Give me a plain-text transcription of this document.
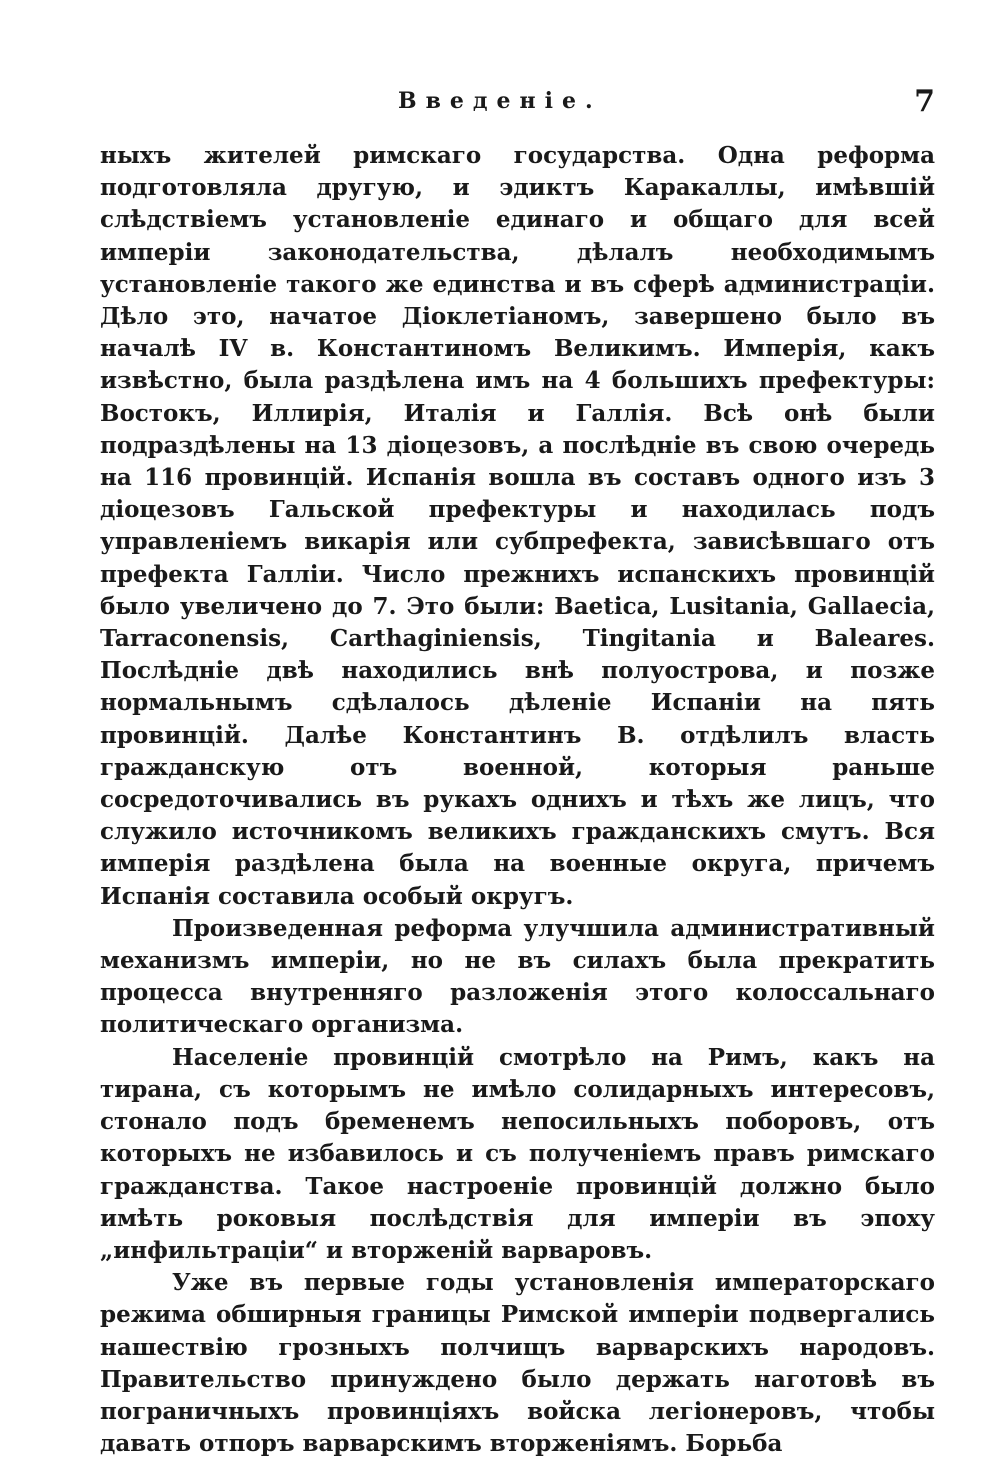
Введеніе.	7

ныхъ жителей римскаго государства. Одна реформа подготовляла другую, и эдиктъ Каракаллы, имѣвшій слѣдствіемъ установленіе единаго и общаго для всей имперіи законодательства, дѣлалъ необходимымъ установленіе такого же единства и въ сферѣ администраціи. Дѣло это, начатое Діоклетіаномъ, завершено было въ началѣ IV в. Константиномъ Великимъ. Имперія, какъ извѣстно, была раздѣлена имъ на 4 большихъ префектуры: Востокъ, Иллирія, Италія и Галлія. Всѣ онѣ были подраздѣлены на 13 діоцезовъ, а послѣдніе въ свою очередь на 116 провинцій. Испанія вошла въ составъ одного изъ 3 діоцезовъ Гальской префектуры и находилась подъ управленіемъ викарія или субпрефекта, зависѣвшаго отъ префекта Галліи. Число прежнихъ испанскихъ провинцій было увеличено до 7. Это были: Baetica, Lusitania, Gallaecia, Tarraconensis, Carthaginiensis, Tingitania и Baleares. Послѣдніе двѣ находились внѣ полуострова, и позже нормальнымъ сдѣлалось дѣленіе Испаніи на пять провинцій. Далѣе Константинъ В. отдѣлилъ власть гражданскую отъ военной, которыя раньше сосредоточивались въ рукахъ однихъ и тѣхъ же лицъ, что служило источникомъ великихъ гражданскихъ смутъ. Вся имперія раздѣлена была на военные округа, причемъ Испанія составила особый округъ.

Произведенная реформа улучшила административный механизмъ имперіи, но не въ силахъ была прекратить процесса внутренняго разложенія этого колоссальнаго политическаго организма.

Населеніе провинцій смотрѣло на Римъ, какъ на тирана, съ которымъ не имѣло солидарныхъ интересовъ, стонало подъ бременемъ непосильныхъ поборовъ, отъ которыхъ не избавилось и съ полученіемъ правъ римскаго гражданства. Такое настроеніе провинцій должно было имѣть роковыя послѣдствія для имперіи въ эпоху „инфильтраціи“ и вторженій варваровъ.

Уже въ первые годы установленія императорскаго режима обширныя границы Римской имперіи подвергались нашествію грозныхъ полчищъ варварскихъ народовъ. Правительство принуждено было держать наготовѣ въ пограничныхъ провинціяхъ войска легіонеровъ, чтобы давать отпоръ варварскимъ вторженіямъ. Борьба
